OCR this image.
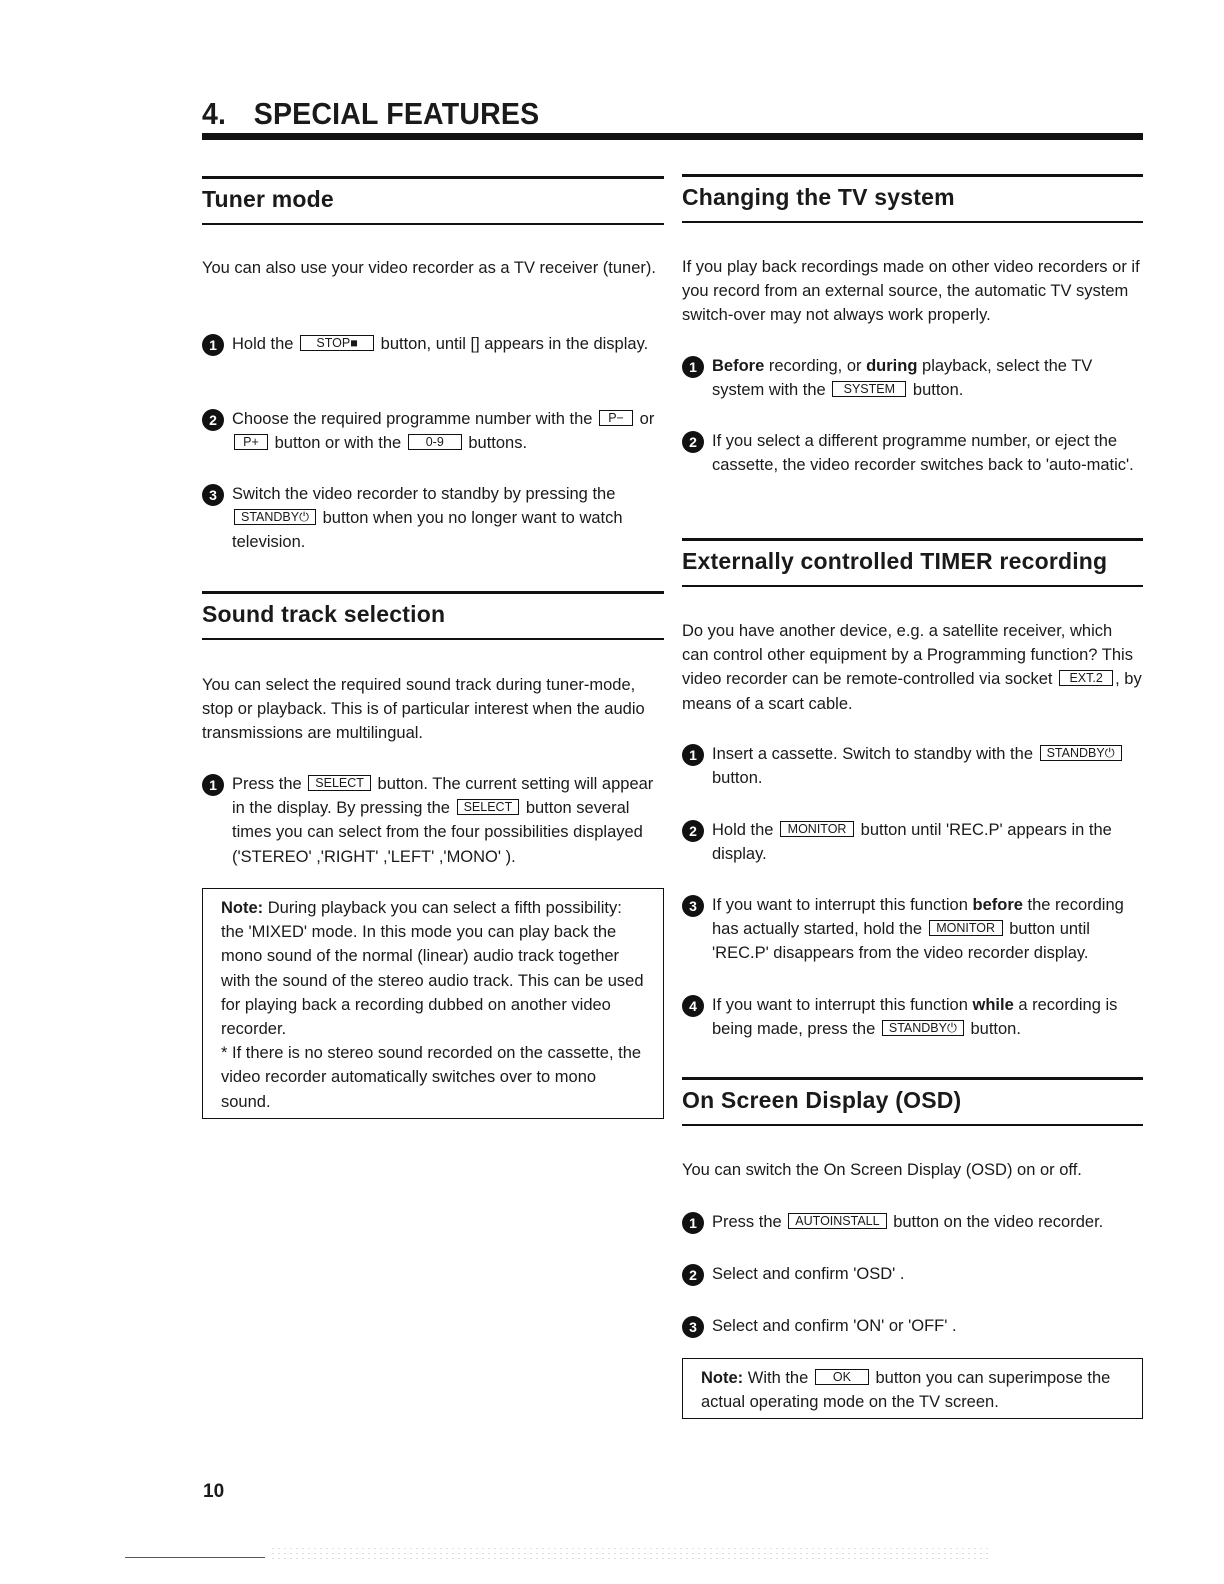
4. SPECIAL FEATURES
Tuner mode

You can also use your video recorder as a TV receiver (tuner).

1 Hold the STOP■ button, until [] appears in the display.
2 Choose the required programme number with the P− or P+ button or with the 0-9 buttons.
3 Switch the video recorder to standby by pressing the STANDBY⏻ button when you no longer want to watch television.
Sound track selection

You can select the required sound track during tuner-mode, stop or playback. This is of particular interest when the audio transmissions are multilingual.

1 Press the SELECT button. The current setting will appear in the display. By pressing the SELECT button several times you can select from the four possibilities displayed ('STEREO' ,'RIGHT' ,'LEFT' ,'MONO' ).
Note: During playback you can select a fifth possibility: the 'MIXED' mode. In this mode you can play back the mono sound of the normal (linear) audio track together with the sound of the stereo audio track. This can be used for playing back a recording dubbed on another video recorder.
* If there is no stereo sound recorded on the cassette, the video recorder automatically switches over to mono sound.
Changing the TV system

If you play back recordings made on other video recorders or if you record from an external source, the automatic TV system switch-over may not always work properly.

1 Before recording, or during playback, select the TV system with the SYSTEM button.
2 If you select a different programme number, or eject the cassette, the video recorder switches back to 'auto-matic'.
Externally controlled TIMER recording

Do you have another device, e.g. a satellite receiver, which can control other equipment by a Programming function? This video recorder can be remote-controlled via socket EXT.2 , by means of a scart cable.

1 Insert a cassette. Switch to standby with the STANDBY⏻ button.
2 Hold the MONITOR button until 'REC.P' appears in the display.
3 If you want to interrupt this function before the recording has actually started, hold the MONITOR button until 'REC.P' disappears from the video recorder display.
4 If you want to interrupt this function while a recording is being made, press the STANDBY⏻ button.
On Screen Display (OSD)

You can switch the On Screen Display (OSD) on or off.

1 Press the AUTOINSTALL button on the video recorder.
2 Select and confirm 'OSD' .
3 Select and confirm 'ON' or 'OFF' .
Note: With the OK button you can superimpose the actual operating mode on the TV screen.
10
